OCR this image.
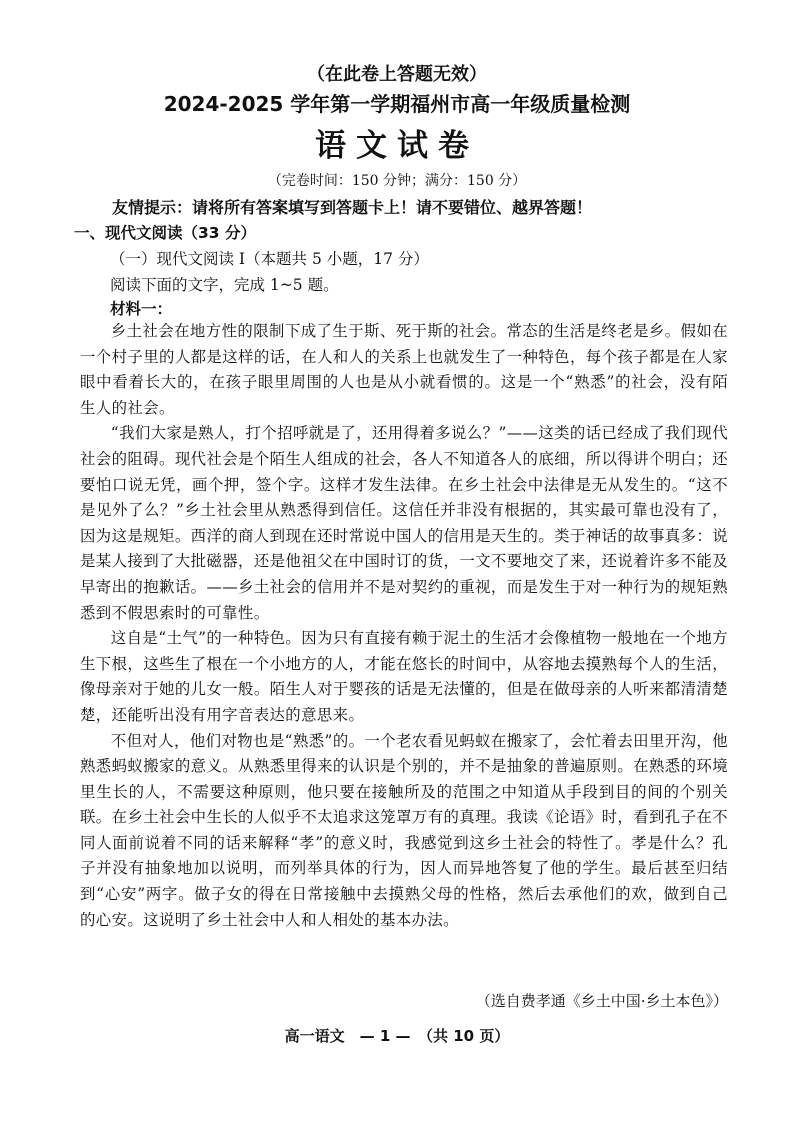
（在此卷上答题无效）
2024-2025 学年第一学期福州市高一年级质量检测
语文试卷
（完卷时间：150 分钟；满分：150 分）
友情提示：请将所有答案填写到答题卡上！请不要错位、越界答题！
一、现代文阅读（33 分）
（一）现代文阅读 I（本题共 5 小题，17 分）
阅读下面的文字，完成 1~5 题。
材料一：

乡土社会在地方性的限制下成了生于斯、死于斯的社会。常态的生活是终老是乡。假如在一个村子里的人都是这样的话，在人和人的关系上也就发生了一种特色，每个孩子都是在人家眼中看着长大的，在孩子眼里周围的人也是从小就看惯的。这是一个“熟悉”的社会，没有陌生人的社会。

“我们大家是熟人，打个招呼就是了，还用得着多说么？”——这类的话已经成了我们现代社会的阻碍。现代社会是个陌生人组成的社会，各人不知道各人的底细，所以得讲个明白；还要怕口说无凭，画个押，签个字。这样才发生法律。在乡土社会中法律是无从发生的。“这不是见外了么？”乡土社会里从熟悉得到信任。这信任并非没有根据的，其实最可靠也没有了，因为这是规矩。西洋的商人到现在还时常说中国人的信用是天生的。类于神话的故事真多：说是某人接到了大批磁器，还是他祖父在中国时订的货，一文不要地交了来，还说着许多不能及早寄出的抱歉话。——乡土社会的信用并不是对契约的重视，而是发生于对一种行为的规矩熟悉到不假思索时的可靠性。

这自是“土气”的一种特色。因为只有直接有赖于泥土的生活才会像植物一般地在一个地方生下根，这些生了根在一个小地方的人，才能在悠长的时间中，从容地去摸熟每个人的生活，像母亲对于她的儿女一般。陌生人对于婴孩的话是无法懂的，但是在做母亲的人听来都清清楚楚，还能听出没有用字音表达的意思来。

不但对人，他们对物也是“熟悉”的。一个老农看见蚂蚁在搬家了，会忙着去田里开沟，他熟悉蚂蚁搬家的意义。从熟悉里得来的认识是个别的，并不是抽象的普遍原则。在熟悉的环境里生长的人，不需要这种原则，他只要在接触所及的范围之中知道从手段到目的间的个别关联。在乡土社会中生长的人似乎不太追求这笼罩万有的真理。我读《论语》时，看到孔子在不同人面前说着不同的话来解释“孝”的意义时，我感觉到这乡土社会的特性了。孝是什么？孔子并没有抽象地加以说明，而列举具体的行为，因人而异地答复了他的学生。最后甚至归结到“心安”两字。做子女的得在日常接触中去摸熟父母的性格，然后去承他们的欢，做到自己的心安。这说明了乡土社会中人和人相处的基本办法。

（选自费孝通《乡土中国·乡土本色》）
高一语文　— 1 —　（共 10 页）
